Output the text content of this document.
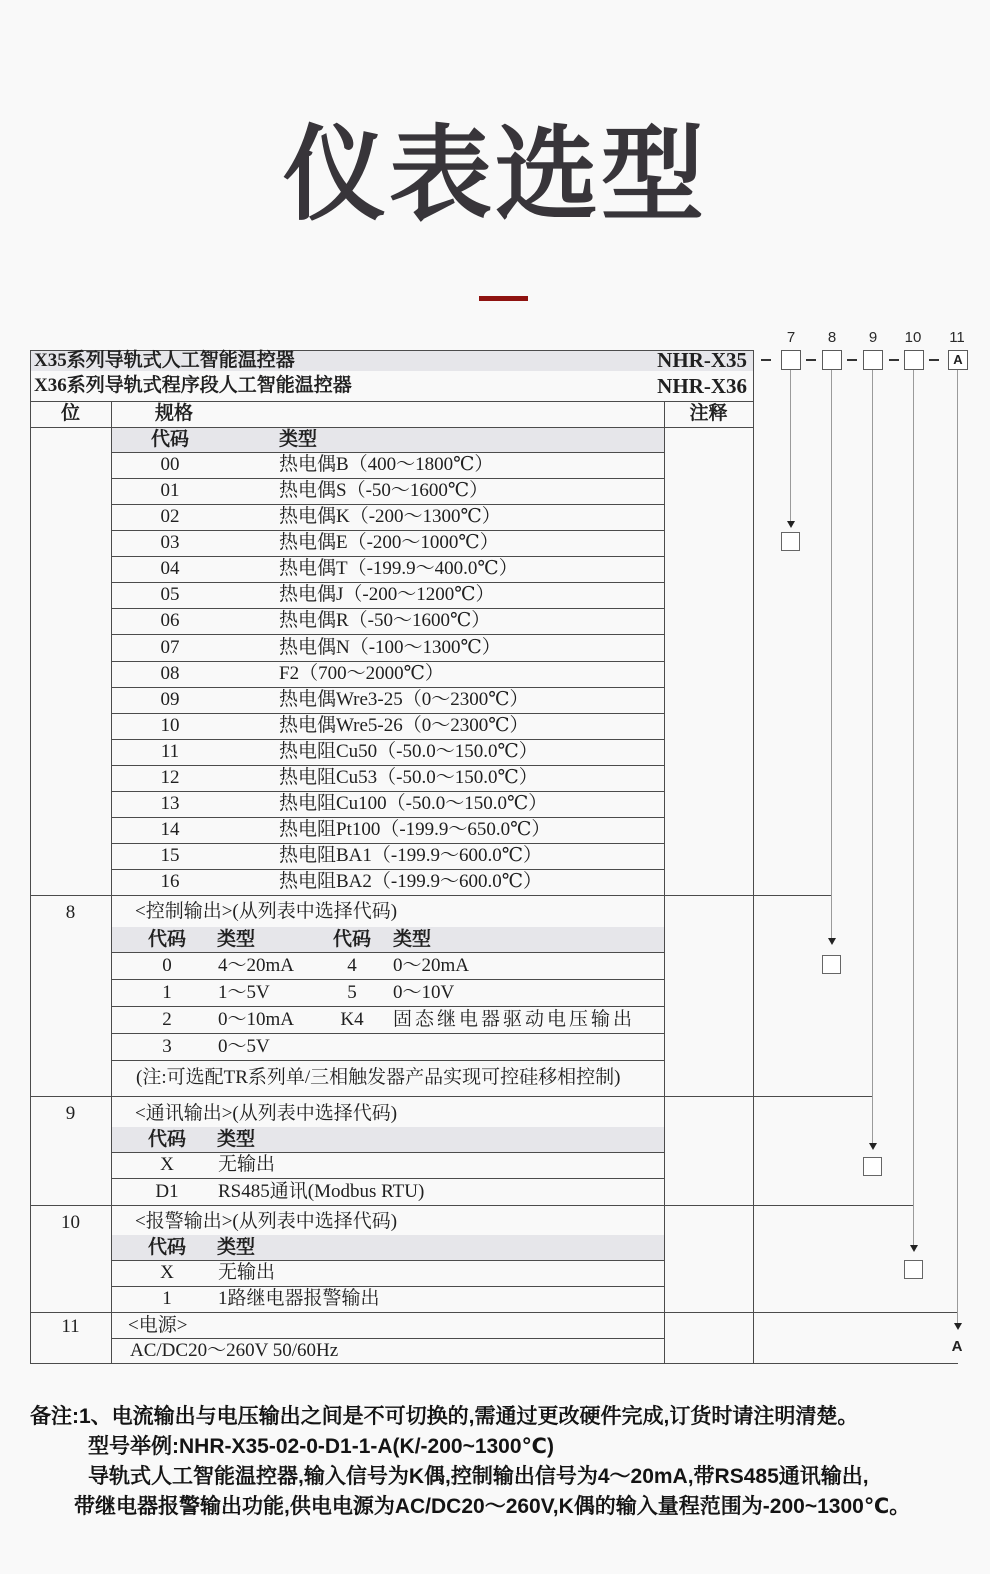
仪表选型
X35系列导轨式人工智能温控器	NHR-X35
X36系列导轨式程序段人工智能温控器	NHR-X36
位	规格	注释
代码	类型
00	热电偶B（400～1800℃）
01	热电偶S（-50～1600℃）
02	热电偶K（-200～1300℃）
03	热电偶E（-200～1000℃）
04	热电偶T（-199.9～400.0℃）
05	热电偶J（-200～1200℃）
06	热电偶R（-50～1600℃）
07	热电偶N（-100～1300℃）
08	F2（700～2000℃）
09	热电偶Wre3-25（0～2300℃）
10	热电偶Wre5-26（0～2300℃）
11	热电阻Cu50（-50.0～150.0℃）
12	热电阻Cu53（-50.0～150.0℃）
13	热电阻Cu100（-50.0～150.0℃）
14	热电阻Pt100（-199.9～650.0℃）
15	热电阻BA1（-199.9～600.0℃）
16	热电阻BA2（-199.9～600.0℃）
8	<控制输出>(从列表中选择代码)
代码	类型	代码	类型
0	4～20mA	4	0～20mA
1	1～5V	5	0～10V
2	0～10mA	K4	固态继电器驱动电压输出
3	0～5V
(注:可选配TR系列单/三相触发器产品实现可控硅移相控制)
9	<通讯输出>(从列表中选择代码)
代码	类型
X	无输出
D1	RS485通讯(Modbus RTU)
10	<报警输出>(从列表中选择代码)
代码	类型
X	无输出
1	1路继电器报警输出
11	<电源>
AC/DC20～260V 50/60Hz
7	8	9	10 11
A
A
备注:1、电流输出与电压输出之间是不可切换的,需通过更改硬件完成,订货时请注明清楚。
型号举例:NHR-X35-02-0-D1-1-A(K/-200~1300℃)
导轨式人工智能温控器,输入信号为K偶,控制输出信号为4～20mA,带RS485通讯输出,
带继电器报警输出功能,供电电源为AC/DC20～260V,K偶的输入量程范围为-200~1300℃。
